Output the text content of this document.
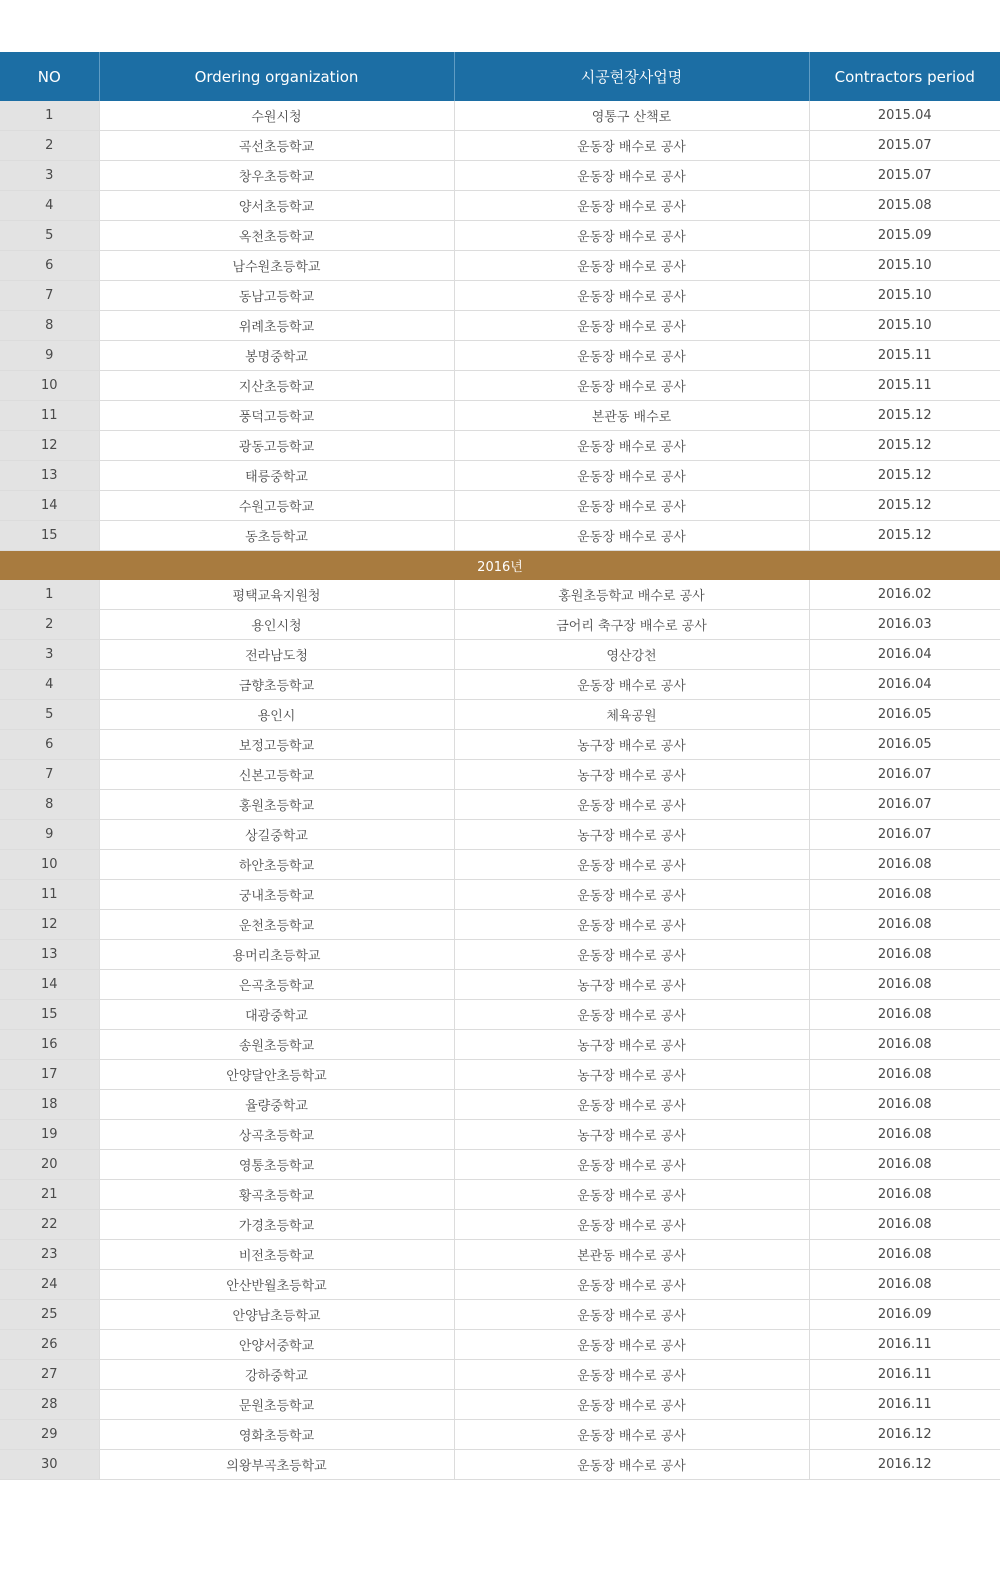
NO	Ordering organization	시공현장사업명	Contractors period
1	수원시청	영통구 산책로	2015.04
2	곡선초등학교	운동장 배수로 공사	2015.07
3	창우초등학교	운동장 배수로 공사	2015.07
4	양서초등학교	운동장 배수로 공사	2015.08
5	옥천초등학교	운동장 배수로 공사	2015.09
6	남수원초등학교	운동장 배수로 공사	2015.10
7	동남고등학교	운동장 배수로 공사	2015.10
8	위례초등학교	운동장 배수로 공사	2015.10
9	봉명중학교	운동장 배수로 공사	2015.11
10	지산초등학교	운동장 배수로 공사	2015.11
11	풍덕고등학교	본관동 배수로	2015.12
12	광동고등학교	운동장 배수로 공사	2015.12
13	태릉중학교	운동장 배수로 공사	2015.12
14	수원고등학교	운동장 배수로 공사	2015.12
15	동초등학교	운동장 배수로 공사	2015.12
2016년			
1	평택교육지원청	홍원초등학교 배수로 공사	2016.02
2	용인시청	금어리 축구장 배수로 공사	2016.03
3	전라남도청	영산강천	2016.04
4	금향초등학교	운동장 배수로 공사	2016.04
5	용인시	체육공원	2016.05
6	보정고등학교	농구장 배수로 공사	2016.05
7	신본고등학교	농구장 배수로 공사	2016.07
8	홍원초등학교	운동장 배수로 공사	2016.07
9	상길중학교	농구장 배수로 공사	2016.07
10	하안초등학교	운동장 배수로 공사	2016.08
11	궁내초등학교	운동장 배수로 공사	2016.08
12	운천초등학교	운동장 배수로 공사	2016.08
13	용머리초등학교	운동장 배수로 공사	2016.08
14	은곡초등학교	농구장 배수로 공사	2016.08
15	대광중학교	운동장 배수로 공사	2016.08
16	송원초등학교	농구장 배수로 공사	2016.08
17	안양달안초등학교	농구장 배수로 공사	2016.08
18	율량중학교	운동장 배수로 공사	2016.08
19	상곡초등학교	농구장 배수로 공사	2016.08
20	영통초등학교	운동장 배수로 공사	2016.08
21	황곡초등학교	운동장 배수로 공사	2016.08
22	가경초등학교	운동장 배수로 공사	2016.08
23	비전초등학교	본관동 배수로 공사	2016.08
24	안산반월초등학교	운동장 배수로 공사	2016.08
25	안양남초등학교	운동장 배수로 공사	2016.09
26	안양서중학교	운동장 배수로 공사	2016.11
27	강하중학교	운동장 배수로 공사	2016.11
28	문원초등학교	운동장 배수로 공사	2016.11
29	영화초등학교	운동장 배수로 공사	2016.12
30	의왕부곡초등학교	운동장 배수로 공사	2016.12
